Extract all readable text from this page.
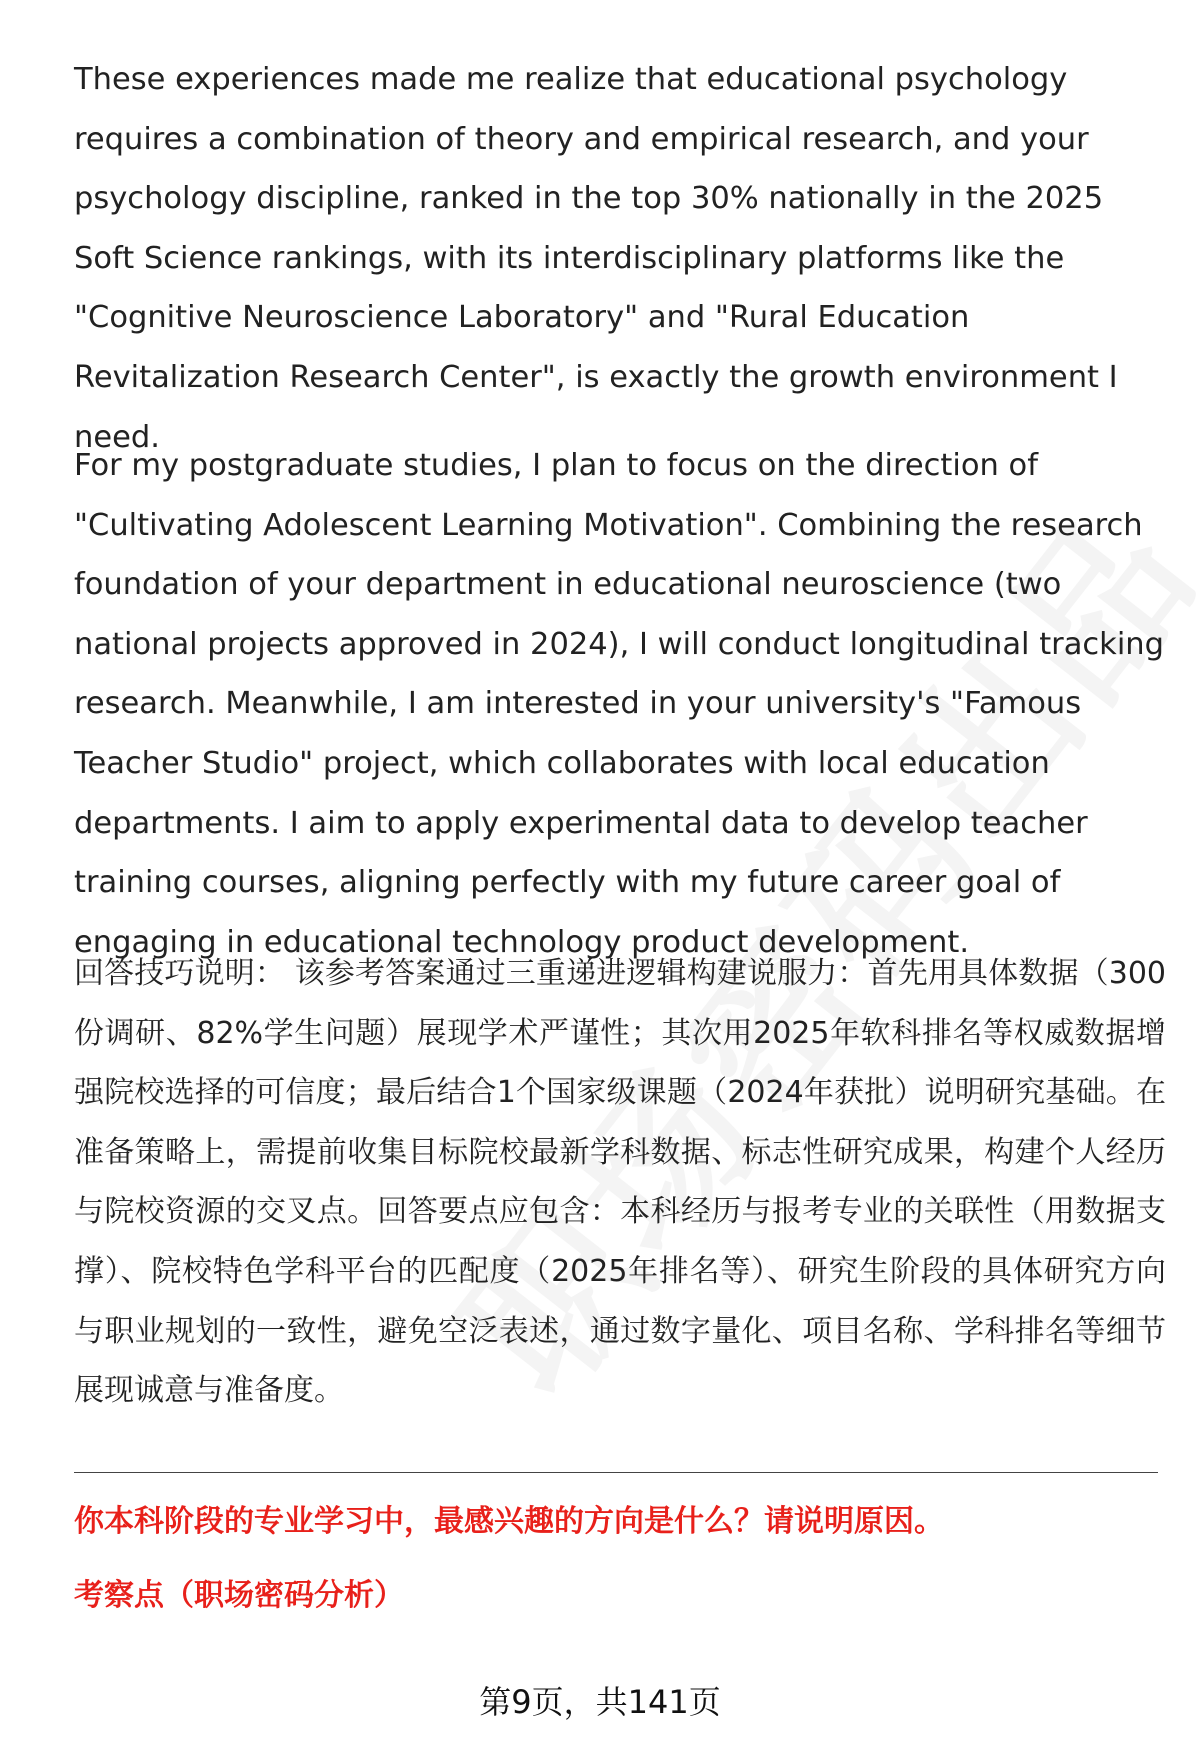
These experiences made me realize that educational psychology requires a combination of theory and empirical research, and your psychology discipline, ranked in the top 30% nationally in the 2025 Soft Science rankings, with its interdisciplinary platforms like the "Cognitive Neuroscience Laboratory" and "Rural Education Revitalization Research Center", is exactly the growth environment I need.

For my postgraduate studies, I plan to focus on the direction of "Cultivating Adolescent Learning Motivation". Combining the research foundation of your department in educational neuroscience (two national projects approved in 2024), I will conduct longitudinal tracking research. Meanwhile, I am interested in your university's "Famous Teacher Studio" project, which collaborates with local education departments. I aim to apply experimental data to develop teacher training courses, aligning perfectly with my future career goal of engaging in educational technology product development.

回答技巧说明： 该参考答案通过三重递进逻辑构建说服力：首先用具体数据（300份调研、82%学生问题）展现学术严谨性；其次用2025年软科排名等权威数据增强院校选择的可信度；最后结合1个国家级课题（2024年获批）说明研究基础。在准备策略上，需提前收集目标院校最新学科数据、标志性研究成果，构建个人经历与院校资源的交叉点。回答要点应包含：本科经历与报考专业的关联性（用数据支撑）、院校特色学科平台的匹配度（2025年排名等）、研究生阶段的具体研究方向与职业规划的一致性，避免空泛表述，通过数字量化、项目名称、学科排名等细节展现诚意与准备度。

你本科阶段的专业学习中，最感兴趣的方向是什么？请说明原因。

考察点（职场密码分析）

第9页，共141页
